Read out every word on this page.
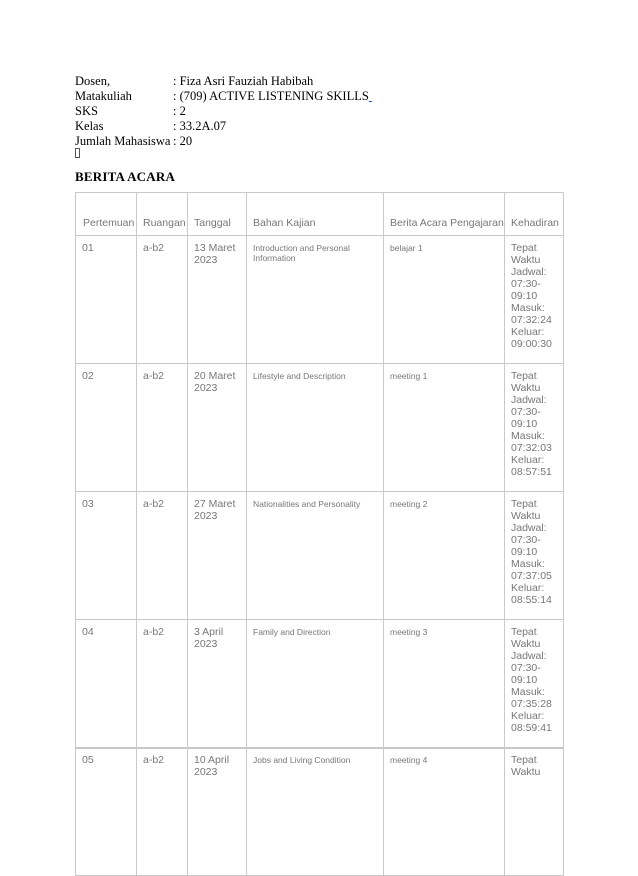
Dosen,	: Fiza Asri Fauziah Habibah
Matakuliah	: (709) ACTIVE LISTENING SKILLS
SKS	: 2
Kelas	: 33.2A.07
Jumlah Mahasiswa : 20
BERITA ACARA
Pertemuan	Ruangan	Tanggal	Bahan Kajian	Berita Acara Pengajaran	Kehadiran
01	a-b2	13 Maret 2023	Introduction and Personal Information	belajar 1	Tepat Waktu Jadwal: 07:30-09:10 Masuk: 07:32:24 Keluar: 09:00:30
02	a-b2	20 Maret 2023	Lifestyle and Description	meeting 1	Tepat Waktu Jadwal: 07:30-09:10 Masuk: 07:32:03 Keluar: 08:57:51
03	a-b2	27 Maret 2023	Nationalities and Personality	meeting 2	Tepat Waktu Jadwal: 07:30-09:10 Masuk: 07:37:05 Keluar: 08:55:14
04	a-b2	3 April 2023	Family and Direction	meeting 3	Tepat Waktu Jadwal: 07:30-09:10 Masuk: 07:35:28 Keluar: 08:59:41
05	a-b2	10 April 2023	Jobs and Living Condition	meeting 4	Tepat Waktu
